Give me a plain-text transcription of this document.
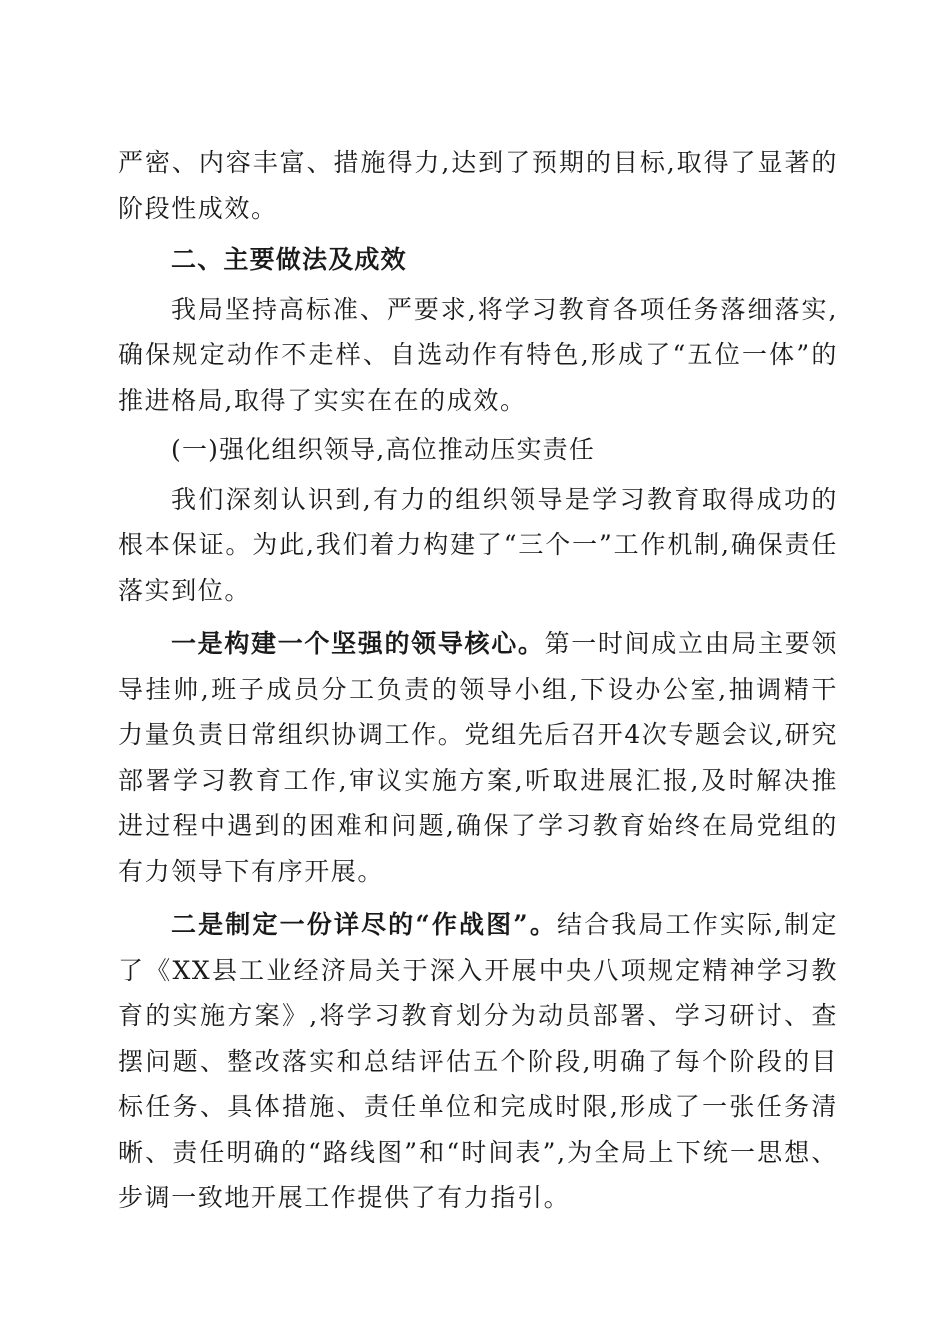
严密、内容丰富、措施得力,达到了预期的目标,取得了显著的阶段性成效。

二、主要做法及成效

我局坚持高标准、严要求,将学习教育各项任务落细落实,确保规定动作不走样、自选动作有特色,形成了“五位一体”的推进格局,取得了实实在在的成效。

(一)强化组织领导,高位推动压实责任

我们深刻认识到,有力的组织领导是学习教育取得成功的根本保证。为此,我们着力构建了“三个一”工作机制,确保责任落实到位。

一是构建一个坚强的领导核心。第一时间成立由局主要领导挂帅,班子成员分工负责的领导小组,下设办公室,抽调精干力量负责日常组织协调工作。党组先后召开4次专题会议,研究部署学习教育工作,审议实施方案,听取进展汇报,及时解决推进过程中遇到的困难和问题,确保了学习教育始终在局党组的有力领导下有序开展。

二是制定一份详尽的“作战图”。结合我局工作实际,制定了《XX县工业经济局关于深入开展中央八项规定精神学习教育的实施方案》,将学习教育划分为动员部署、学习研讨、查摆问题、整改落实和总结评估五个阶段,明确了每个阶段的目标任务、具体措施、责任单位和完成时限,形成了一张任务清晰、责任明确的“路线图”和“时间表”,为全局上下统一思想、步调一致地开展工作提供了有力指引。
